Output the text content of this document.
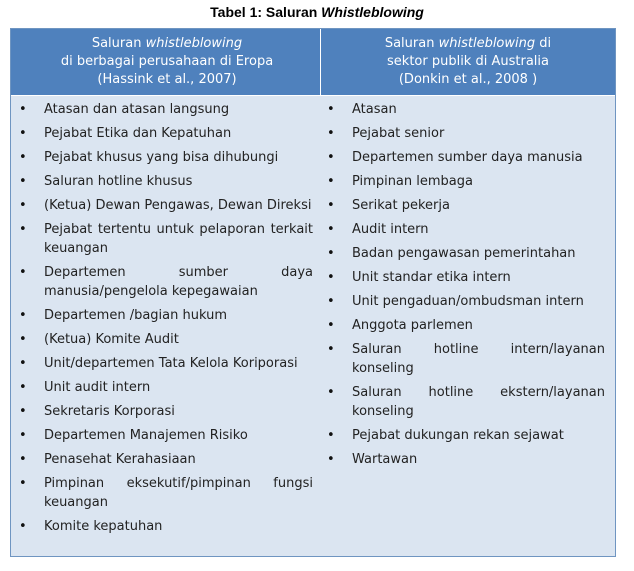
Tabel 1: Saluran Whistleblowing
Saluran whistleblowing
di berbagai perusahaan di Eropa
(Hassink et al., 2007)
Saluran whistleblowing di
sektor publik di Australia
(Donkin et al., 2008 )
• Atasan dan atasan langsung
• Pejabat Etika dan Kepatuhan
• Pejabat khusus yang bisa dihubungi
• Saluran hotline khusus
• (Ketua) Dewan Pengawas, Dewan Direksi
• Pejabat tertentu untuk pelaporan terkait keuangan
• Departemen sumber daya manusia/pengelola kepegawaian
• Departemen /bagian hukum
• (Ketua) Komite Audit
• Unit/departemen Tata Kelola Koriporasi
• Unit audit intern
• Sekretaris Korporasi
• Departemen Manajemen Risiko
• Penasehat Kerahasiaan
• Pimpinan eksekutif/pimpinan fungsi keuangan
• Komite kepatuhan
• Atasan
• Pejabat senior
• Departemen sumber daya manusia
• Pimpinan lembaga
• Serikat pekerja
• Audit intern
• Badan pengawasan pemerintahan
• Unit standar etika intern
• Unit pengaduan/ombudsman intern
• Anggota parlemen
• Saluran hotline intern/layanan konseling
• Saluran hotline ekstern/layanan konseling
• Pejabat dukungan rekan sejawat
• Wartawan
